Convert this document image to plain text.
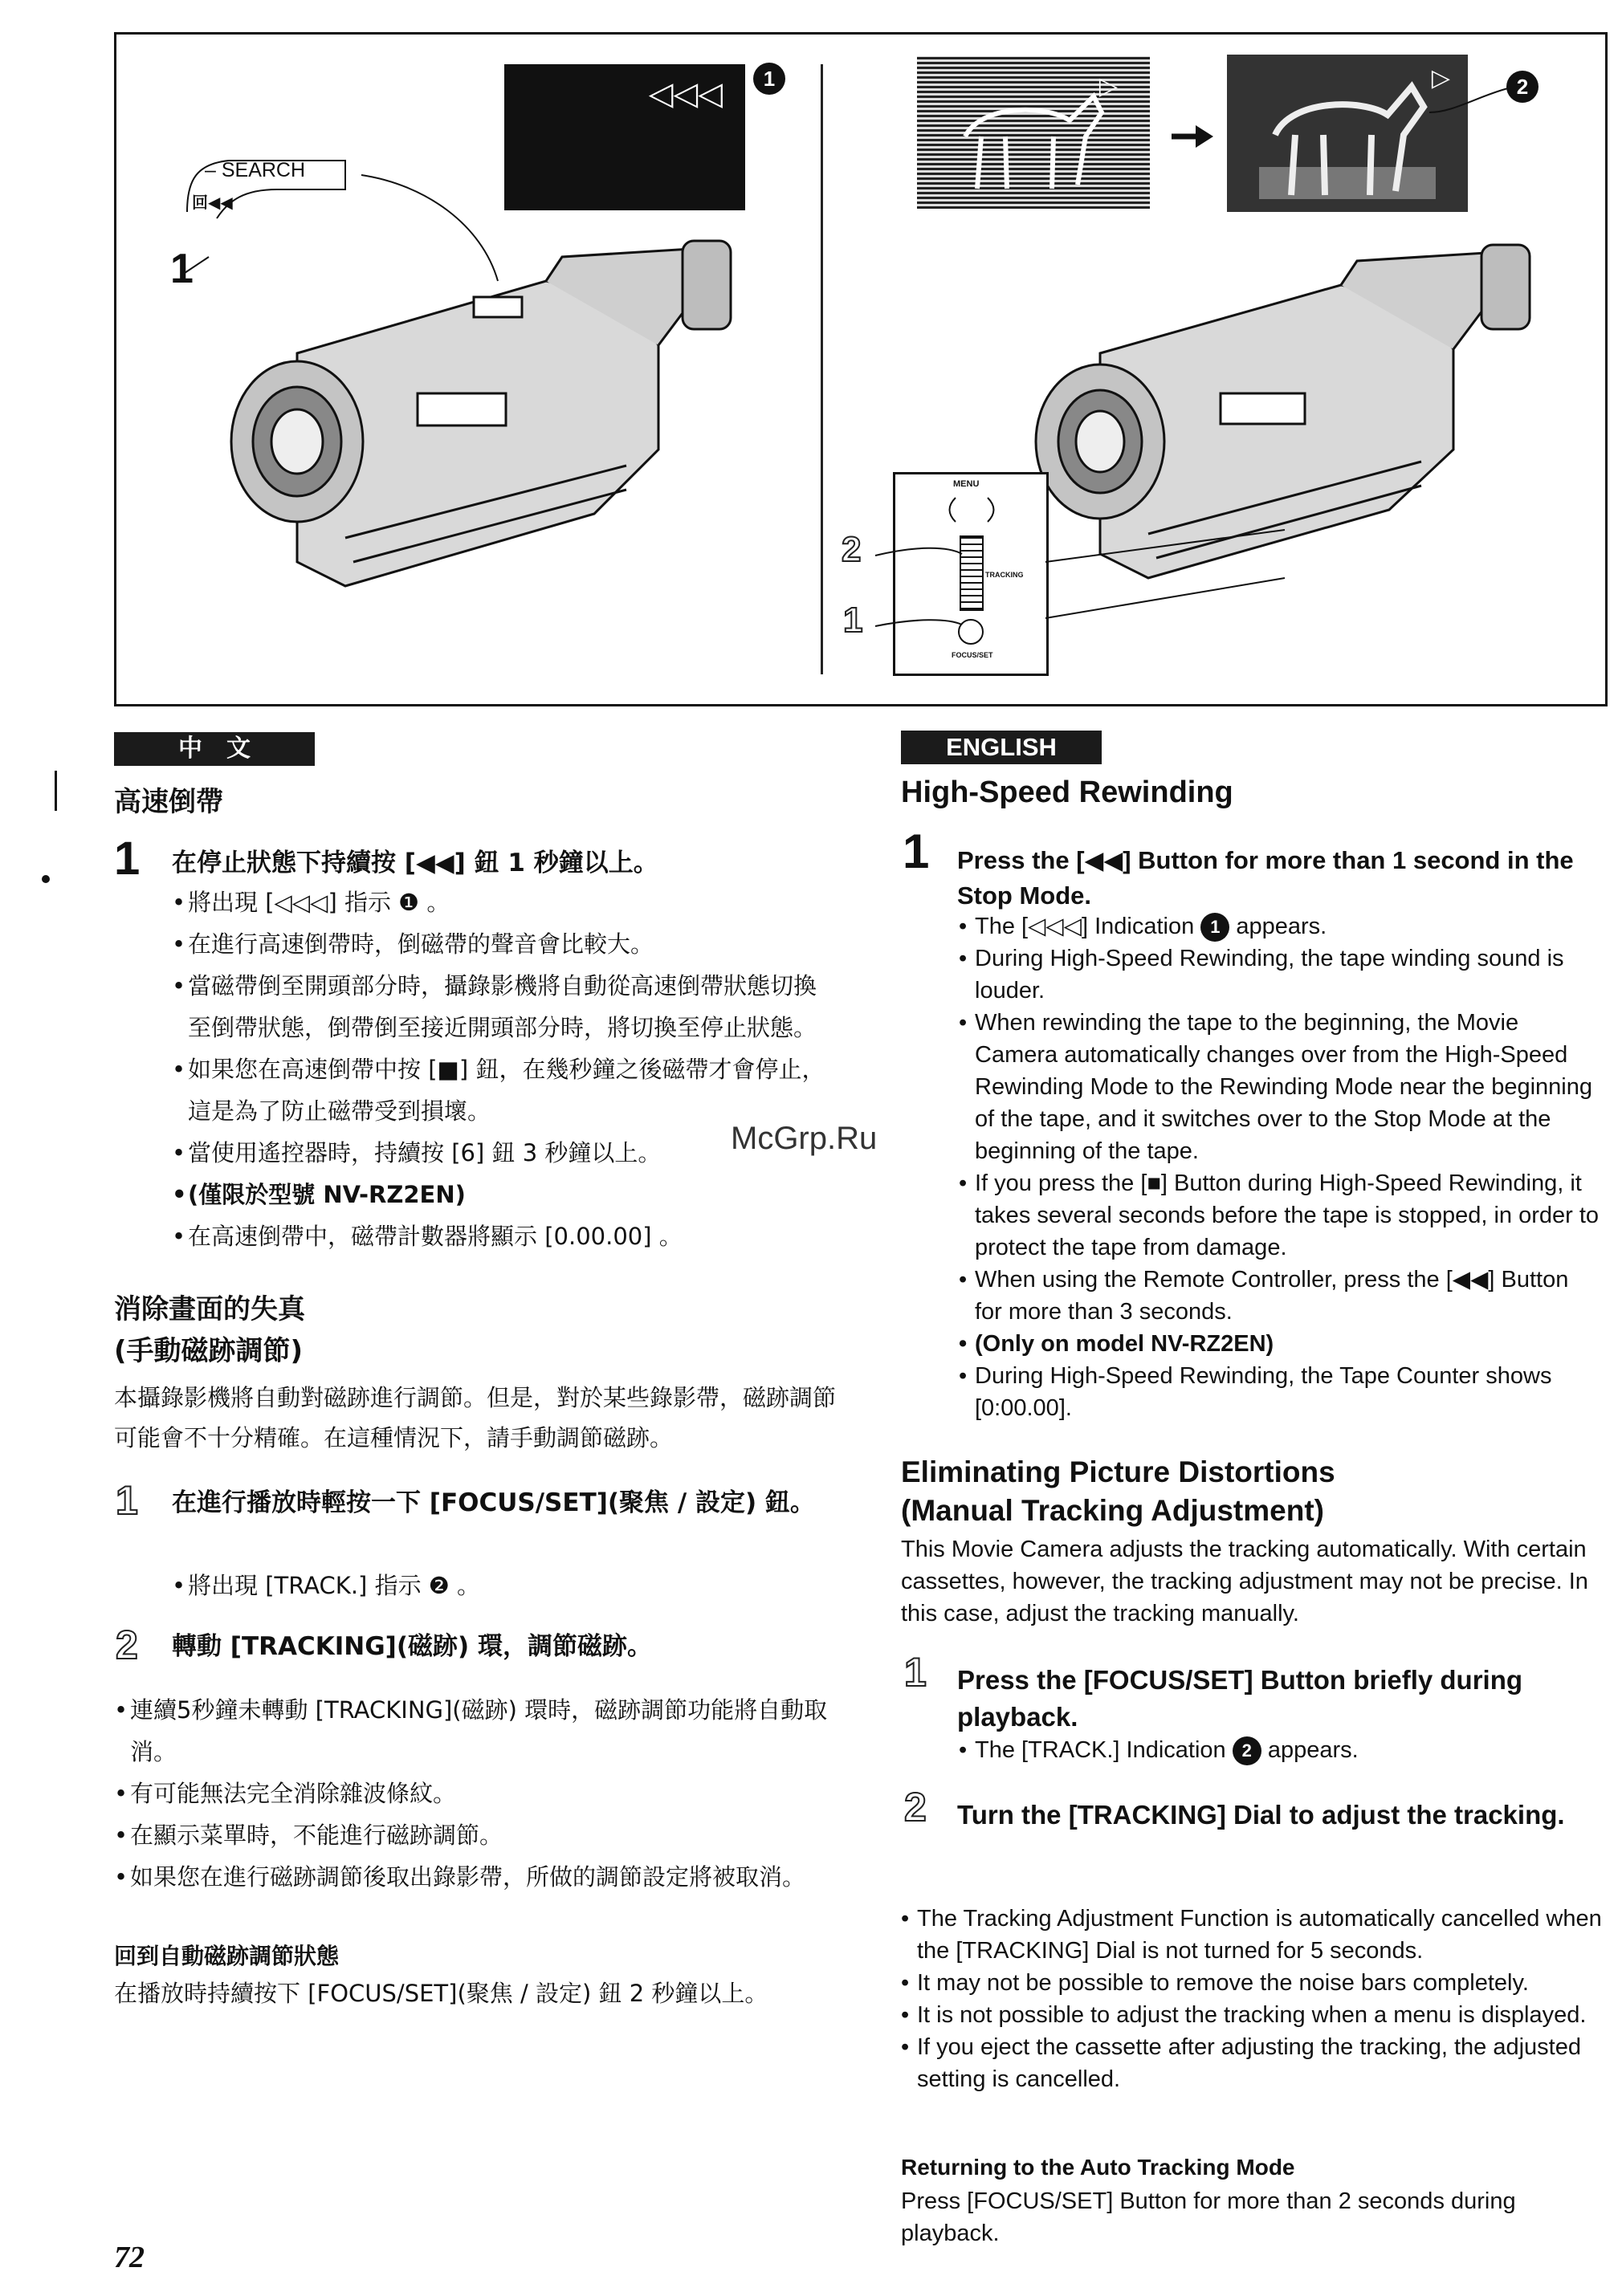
– SEARCH
回◀◀
1
◁◁◁	1	▷	▷	2
MENU
TRACKING
FOCUS/SET
2
1
中　文
高速倒帶
1 在停止狀態下持續按 [◀◀] 鈕 1 秒鐘以上。
• 將出現 [◁◁◁] 指示 ❶ 。
• 在進行高速倒帶時，倒磁帶的聲音會比較大。
• 當磁帶倒至開頭部分時，攝錄影機將自動從高速倒帶狀態切換至倒帶狀態，倒帶倒至接近開頭部分時，將切換至停止狀態。
• 如果您在高速倒帶中按 [■] 鈕，在幾秒鐘之後磁帶才會停止，這是為了防止磁帶受到損壞。
• 當使用遙控器時，持續按 [6] 鈕 3 秒鐘以上。
• (僅限於型號 NV-RZ2EN)
• 在高速倒帶中，磁帶計數器將顯示 [0.00.00] 。
消除畫面的失真
(手動磁跡調節)
本攝錄影機將自動對磁跡進行調節。但是，對於某些錄影帶，磁跡調節可能會不十分精確。在這種情況下，請手動調節磁跡。
1 在進行播放時輕按一下 [FOCUS/SET](聚焦 / 設定) 鈕。
• 將出現 [TRACK.] 指示 ❷ 。
2 轉動 [TRACKING](磁跡) 環，調節磁跡。
• 連續5秒鐘未轉動 [TRACKING](磁跡) 環時，磁跡調節功能將自動取消。
• 有可能無法完全消除雜波條紋。
• 在顯示菜單時，不能進行磁跡調節。
• 如果您在進行磁跡調節後取出錄影帶，所做的調節設定將被取消。
回到自動磁跡調節狀態
在播放時持續按下 [FOCUS/SET](聚焦 / 設定) 鈕 2 秒鐘以上。
72
McGrp.Ru
ENGLISH
High-Speed Rewinding
1 Press the [◀◀] Button for more than 1 second in the Stop Mode.
• The [◁◁◁] Indication 1 appears.
• During High-Speed Rewinding, the tape winding sound is louder.
• When rewinding the tape to the beginning, the Movie Camera automatically changes over from the High-Speed Rewinding Mode to the Rewinding Mode near the beginning of the tape, and it switches over to the Stop Mode at the beginning of the tape.
• If you press the [■] Button during High-Speed Rewinding, it takes several seconds before the tape is stopped, in order to protect the tape from damage.
• When using the Remote Controller, press the [◀◀] Button for more than 3 seconds.
• (Only on model NV-RZ2EN)
• During High-Speed Rewinding, the Tape Counter shows [0:00.00].
Eliminating Picture Distortions
(Manual Tracking Adjustment)
This Movie Camera adjusts the tracking automatically. With certain cassettes, however, the tracking adjustment may not be precise. In this case, adjust the tracking manually.
1 Press the [FOCUS/SET] Button briefly during playback.
• The [TRACK.] Indication 2 appears.
2 Turn the [TRACKING] Dial to adjust the tracking.
• The Tracking Adjustment Function is automatically cancelled when the [TRACKING] Dial is not turned for 5 seconds.
• It may not be possible to remove the noise bars completely.
• It is not possible to adjust the tracking when a menu is displayed.
• If you eject the cassette after adjusting the tracking, the adjusted setting is cancelled.
Returning to the Auto Tracking Mode
Press [FOCUS/SET] Button for more than 2 seconds during playback.
